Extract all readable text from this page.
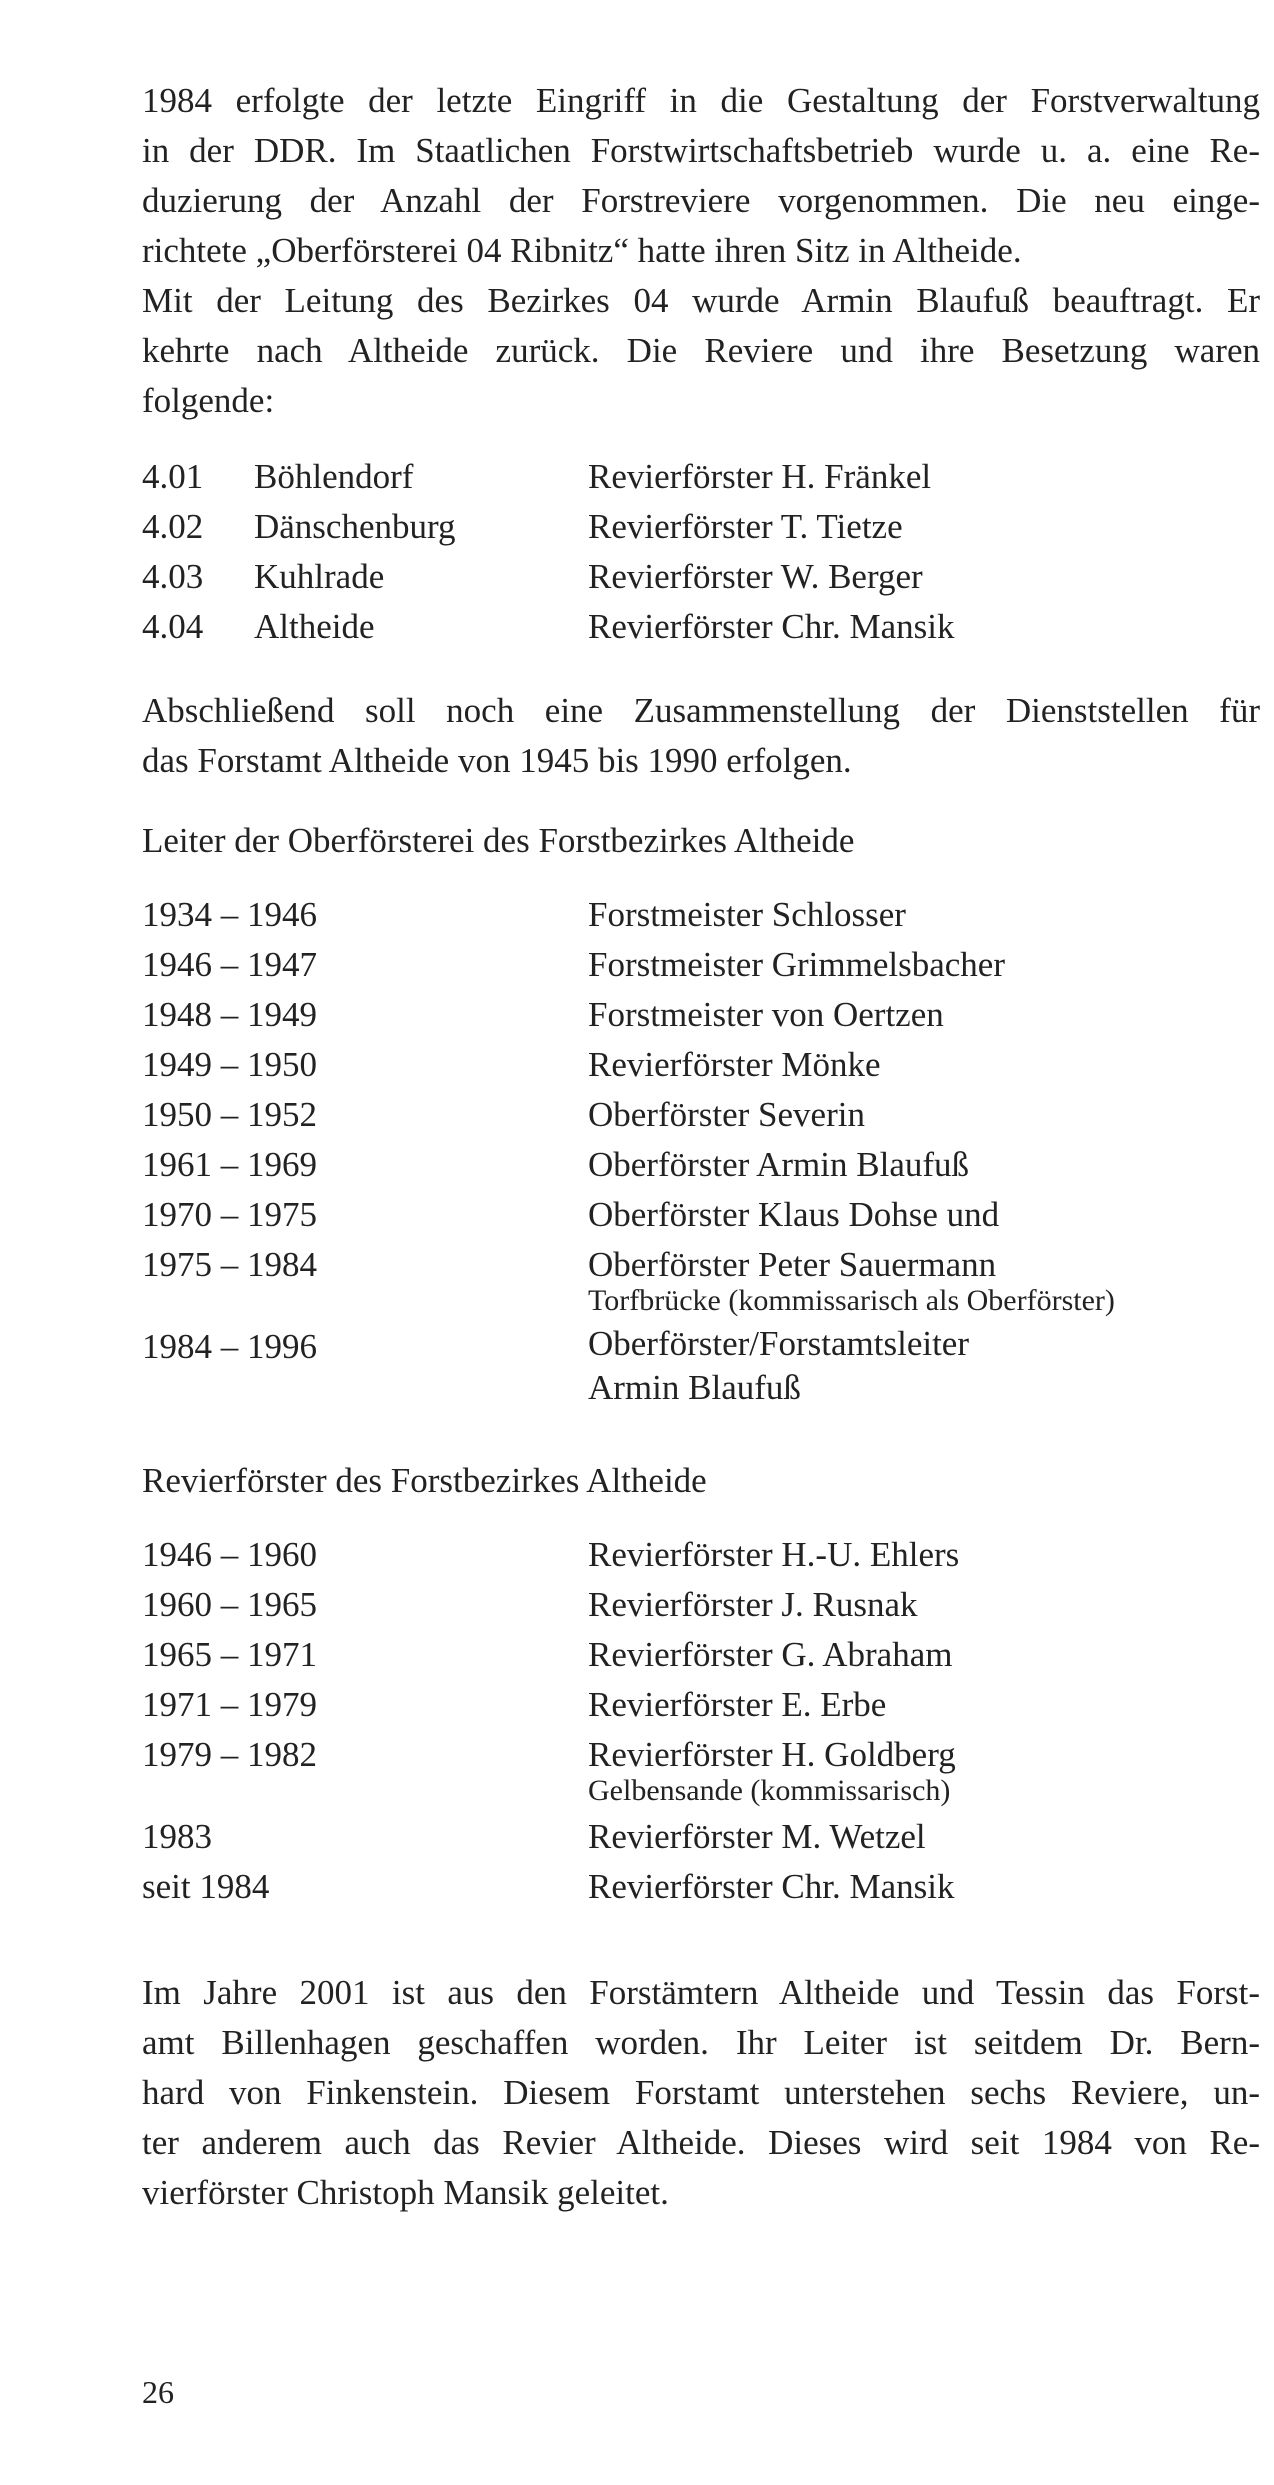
1984 erfolgte der letzte Eingriff in die Gestaltung der Forstverwaltung
in der DDR. Im Staatlichen Forstwirtschaftsbetrieb wurde u. a. eine Re-
duzierung der Anzahl der Forstreviere vorgenommen. Die neu einge-
richtete „Oberförsterei 04 Ribnitz“ hatte ihren Sitz in Altheide.
Mit der Leitung des Bezirkes 04 wurde Armin Blaufuß beauftragt. Er
kehrte nach Altheide zurück. Die Reviere und ihre Besetzung waren
folgende:
4.01	Böhlendorf	Revierförster H. Fränkel
4.02	Dänschenburg	Revierförster T. Tietze
4.03	Kuhlrade	Revierförster W. Berger
4.04	Altheide	Revierförster Chr. Mansik
Abschließend soll noch eine Zusammenstellung der Dienststellen für
das Forstamt Altheide von 1945 bis 1990 erfolgen.

Leiter der Oberförsterei des Forstbezirkes Altheide

1934 – 1946	Forstmeister Schlosser
1946 – 1947	Forstmeister Grimmelsbacher
1948 – 1949	Forstmeister von Oertzen
1949 – 1950	Revierförster Mönke
1950 – 1952	Oberförster Severin
1961 – 1969	Oberförster Armin Blaufuß
1970 – 1975	Oberförster Klaus Dohse und
1975 – 1984	Oberförster Peter Sauermann
Torfbrücke (kommissarisch als Oberförster)
1984 – 1996	Oberförster/Forstamtsleiter
Armin Blaufuß

Revierförster des Forstbezirkes Altheide

1946 – 1960	Revierförster H.-U. Ehlers
1960 – 1965	Revierförster J. Rusnak
1965 – 1971	Revierförster G. Abraham
1971 – 1979	Revierförster E. Erbe
1979 – 1982	Revierförster H. Goldberg
Gelbensande (kommissarisch)
1983	Revierförster M. Wetzel
seit 1984	Revierförster Chr. Mansik
Im Jahre 2001 ist aus den Forstämtern Altheide und Tessin das Forst-
amt Billenhagen geschaffen worden. Ihr Leiter ist seitdem Dr. Bern-
hard von Finkenstein. Diesem Forstamt unterstehen sechs Reviere, un-
ter anderem auch das Revier Altheide. Dieses wird seit 1984 von Re-
vierförster Christoph Mansik geleitet.
26
